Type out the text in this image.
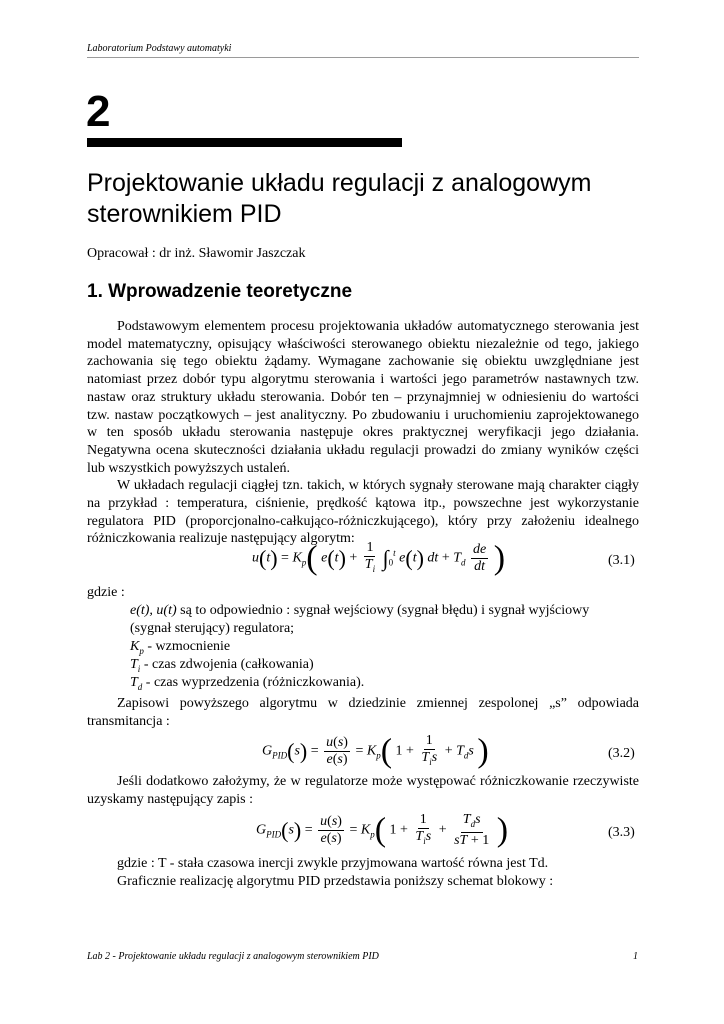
Laboratorium Podstawy automatyki
2
Projektowanie układu regulacji z analogowym
sterownikiem PID
Opracował : dr inż. Sławomir Jaszczak
1. Wprowadzenie teoretyczne

Podstawowym elementem procesu projektowania układów automatycznego sterowania jest model matematyczny, opisujący właściwości sterowanego obiektu niezależnie od tego, jakiego zachowania się tego obiektu żądamy. Wymagane zachowanie się obiektu uwzględniane jest natomiast przez dobór typu algorytmu sterowania i wartości jego parametrów nastawnych tzw. nastaw oraz struktury układu sterowania. Dobór ten – przynajmniej w odniesieniu do wartości tzw. nastaw początkowych – jest analityczny. Po zbudowaniu i uruchomieniu zaprojektowanego w ten sposób układu sterowania następuje okres praktycznej weryfikacji jego działania. Negatywna ocena skuteczności działania układu regulacji prowadzi do zmiany wyników części lub wszystkich powyższych ustaleń.

W układach regulacji ciągłej tzn. takich, w których sygnały sterowane mają charakter ciągły na przykład : temperatura, ciśnienie, prędkość kątowa itp., powszechne jest wykorzystanie regulatora PID (proporcjonalno-całkująco-różniczkującego), który przy założeniu idealnego różniczkowania realizuje następujący algorytm:

$u(t) = K_p$( $e(t) + \frac{1}{T_i} \int_0^t$ e(t) dt + $T_d \frac{de}{dt}$ )	(3.1)
gdzie :
e(t), u(t) są to odpowiednio : sygnał wejściowy (sygnał błędu) i sygnał wyjściowy
(sygnał sterujący) regulatora;
$K_p$ - wzmocnienie
$T_i$ - czas zdwojenia (całkowania)
$T_d$ - czas wyprzedzenia (różniczkowania).

Zapisowi powyższego algorytmu w dziedzinie zmiennej zespolonej „s” odpowiada transmitancja :

$G_{PID}(s) = \frac{u(s)}{e(s)} = K_p$( $1 + \frac{1}{T_is} + T_ds$ )	(3.2)

Jeśli dodatkowo założymy, że w regulatorze może występować różniczkowanie rzeczywiste uzyskamy następujący zapis :

$G_{PID}(s) = \frac{u(s)}{e(s)} = K_p$( $1 + \frac{1}{T_is} + \frac{T_ds}{sT + 1}$ )	(3.3)
gdzie : T - stała czasowa inercji zwykle przyjmowana wartość równa jest Td.
Graficznie realizację algorytmu PID przedstawia poniższy schemat blokowy :
Lab 2 - Projektowanie układu regulacji z analogowym sterownikiem PID	1
